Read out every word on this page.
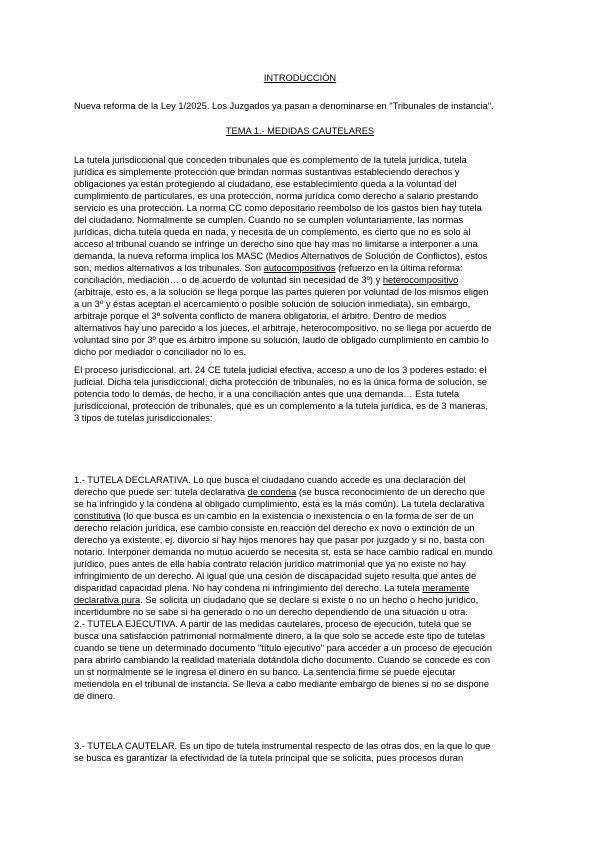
INTRODUCCIÓN
Nueva reforma de la Ley 1/2025. Los Juzgados ya pasan a denominarse en "Tribunales de instancia".
TEMA 1.- MEDIDAS CAUTELARES
La tutela jurisdiccional que conceden tribunales que es complemento de la tutela jurídica, tutela
jurídica es simplemente protección que brindan normas sustantivas estableciendo derechos y
obligaciones ya están protegiendo al ciudadano, ese establecimiento queda a la voluntad del
cumplimiento de particulares, es una protección, norma jurídica como derecho a salario prestando
servicio es una protección. La norma CC como depositario reembolso de los gastos bien hay tutela
del ciudadano. Normalmente se cumplen. Cuando no se cumplen voluntariamente, las normas
jurídicas, dicha tutela queda en nada, y necesita de un complemento, es cierto que no es solo al
acceso al tribunal cuando se infringe un derecho sino que hay mas no limitarse a interponer a una
demanda, la nueva reforma implica los MASC (Medios Alternativos de Solución de Conflictos), estos
son, medios alternativos a los tribunales. Son autocompositivos (refuerzo en la última reforma:
conciliación, mediación… o de acuerdo de voluntad sin necesidad de 3º) y heterocompositivo
(arbitraje, esto es, a la solución se llega porque las partes quieren por voluntad de los mismos eligen
a un 3º y éstas aceptan el acercamiento o posible solución de solución inmediata), sin embargo,
arbitraje porque el 3º solventa conflicto de manera obligatoria, el árbitro. Dentro de medios
alternativos hay uno parecido a los jueces, el arbitraje, heterocompositivo, no se llega por acuerdo de
voluntad sino por 3º que es árbitro impone su solución, laudo de obligado cumplimiento en cambio lo
dicho por mediador o conciliador no lo es.
El proceso jurisdiccional. art. 24 CE tutela judicial efectiva, acceso a uno de los 3 poderes estado: el
judicial. Dicha tela jurisdiccional, dicha protección de tribunales, no es la única forma de solución, se
potencia todo lo demás, de hecho, ir a una conciliación antes que una demanda… Esta tutela
jurisdiccional, protección de tribunales, qué es un complemento a la tutela jurídica, es de 3 maneras,
3 tipos de tutelas jurisdiccionales:
1.- TUTELA DECLARATIVA. Lo que busca el ciudadano cuando accede es una declaración del
derecho que puede ser: tutela declarativa de condena (se busca reconocimiento de un derecho que
se ha infringido y la condena al obligado cumplimiento, esta es la más común). La tutela declarativa
constitutiva (lo que busca es un cambio en la existencia o inexistencia o en la forma de ser de un
derecho relación jurídica, ese cambio consiste en reacción del derecho ex novo o extinción de un
derecho ya existente, ej. divorcio si hay hijos menores hay que pasar por juzgado y si no, basta con
notario. Interponer demanda no mutuo acuerdo se necesita st, esta se hace cambio radical en mundo
jurídico, pues antes de ella había contrato relación jurídico matrimonial que ya no existe no hay
infringimiento de un derecho. Al igual que una cesión de discapacidad sujeto resulta que antes de
disparidad capacidad plena. No hay condena ni infringimiento del derecho. La tutela meramente
declarativa pura. Se solicita un ciudadano que se declare si existe o no un hecho o hecho jurídico,
incertidumbre no se sabe si ha generado o no un derecho dependiendo de una situación u otra.
2.- TUTELA EJECUTIVA. A partir de las medidas cautelares, proceso de ejecución, tutela que se
busca una satisfacción patrimonial normalmente dinero, a la que solo se accede este tipo de tutelas
cuando se tiene un determinado documento "título ejecutivo" para acceder a un proceso de ejecución
para abrirlo cambiando la realidad materiala dotándola dicho documento. Cuando se concede es con
un st normalmente se le ingresa el dinero en su banco. La sentencia firme se puede ejecutar
metiendola en el tribunal de instancia. Se lleva a cabo mediante embargo de bienes si no se dispone
de dinero.
3.- TUTELA CAUTELAR. Es un tipo de tutela instrumental respecto de las otras dos, en la que lo que
se busca es garantizar la efectividad de la tutela principal que se solicita, pues procesos duran
